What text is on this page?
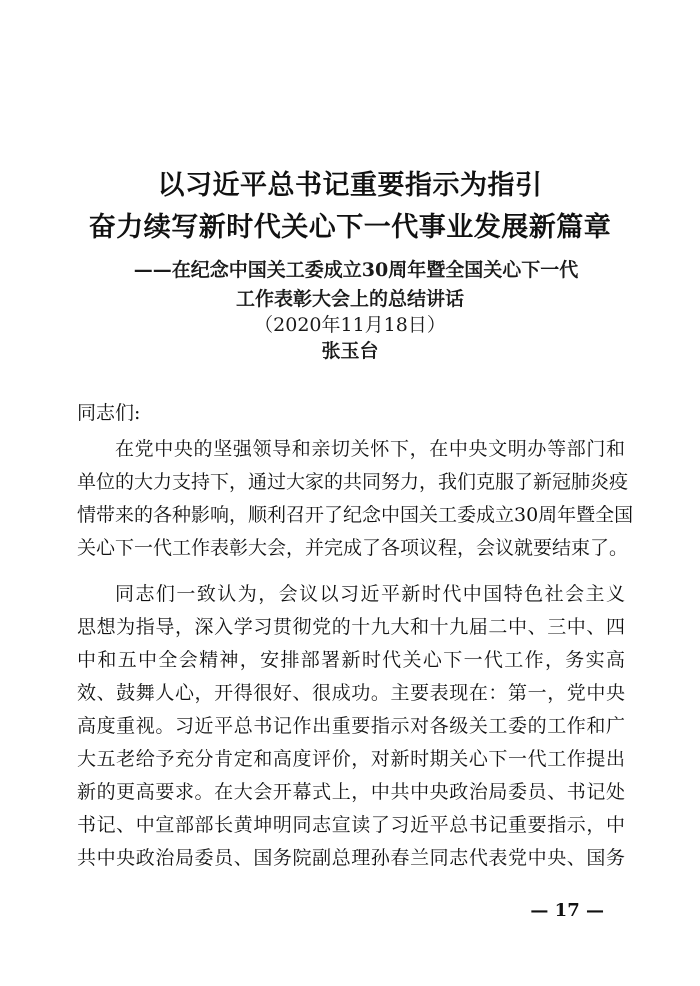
以习近平总书记重要指示为指引
奋力续写新时代关心下一代事业发展新篇章
——在纪念中国关工委成立30周年暨全国关心下一代
工作表彰大会上的总结讲话
（2020年11月18日）
张玉台
同志们:
在党中央的坚强领导和亲切关怀下，在中央文明办等部门和
单位的大力支持下，通过大家的共同努力，我们克服了新冠肺炎疫
情带来的各种影响，顺利召开了纪念中国关工委成立30周年暨全国
关心下一代工作表彰大会，并完成了各项议程，会议就要结束了。
同志们一致认为，会议以习近平新时代中国特色社会主义
思想为指导，深入学习贯彻党的十九大和十九届二中、三中、四
中和五中全会精神，安排部署新时代关心下一代工作，务实高
效、鼓舞人心，开得很好、很成功。主要表现在：第一，党中央
高度重视。习近平总书记作出重要指示对各级关工委的工作和广
大五老给予充分肯定和高度评价，对新时期关心下一代工作提出
新的更高要求。在大会开幕式上，中共中央政治局委员、书记处
书记、中宣部部长黄坤明同志宣读了习近平总书记重要指示，中
共中央政治局委员、国务院副总理孙春兰同志代表党中央、国务
— 17 —
